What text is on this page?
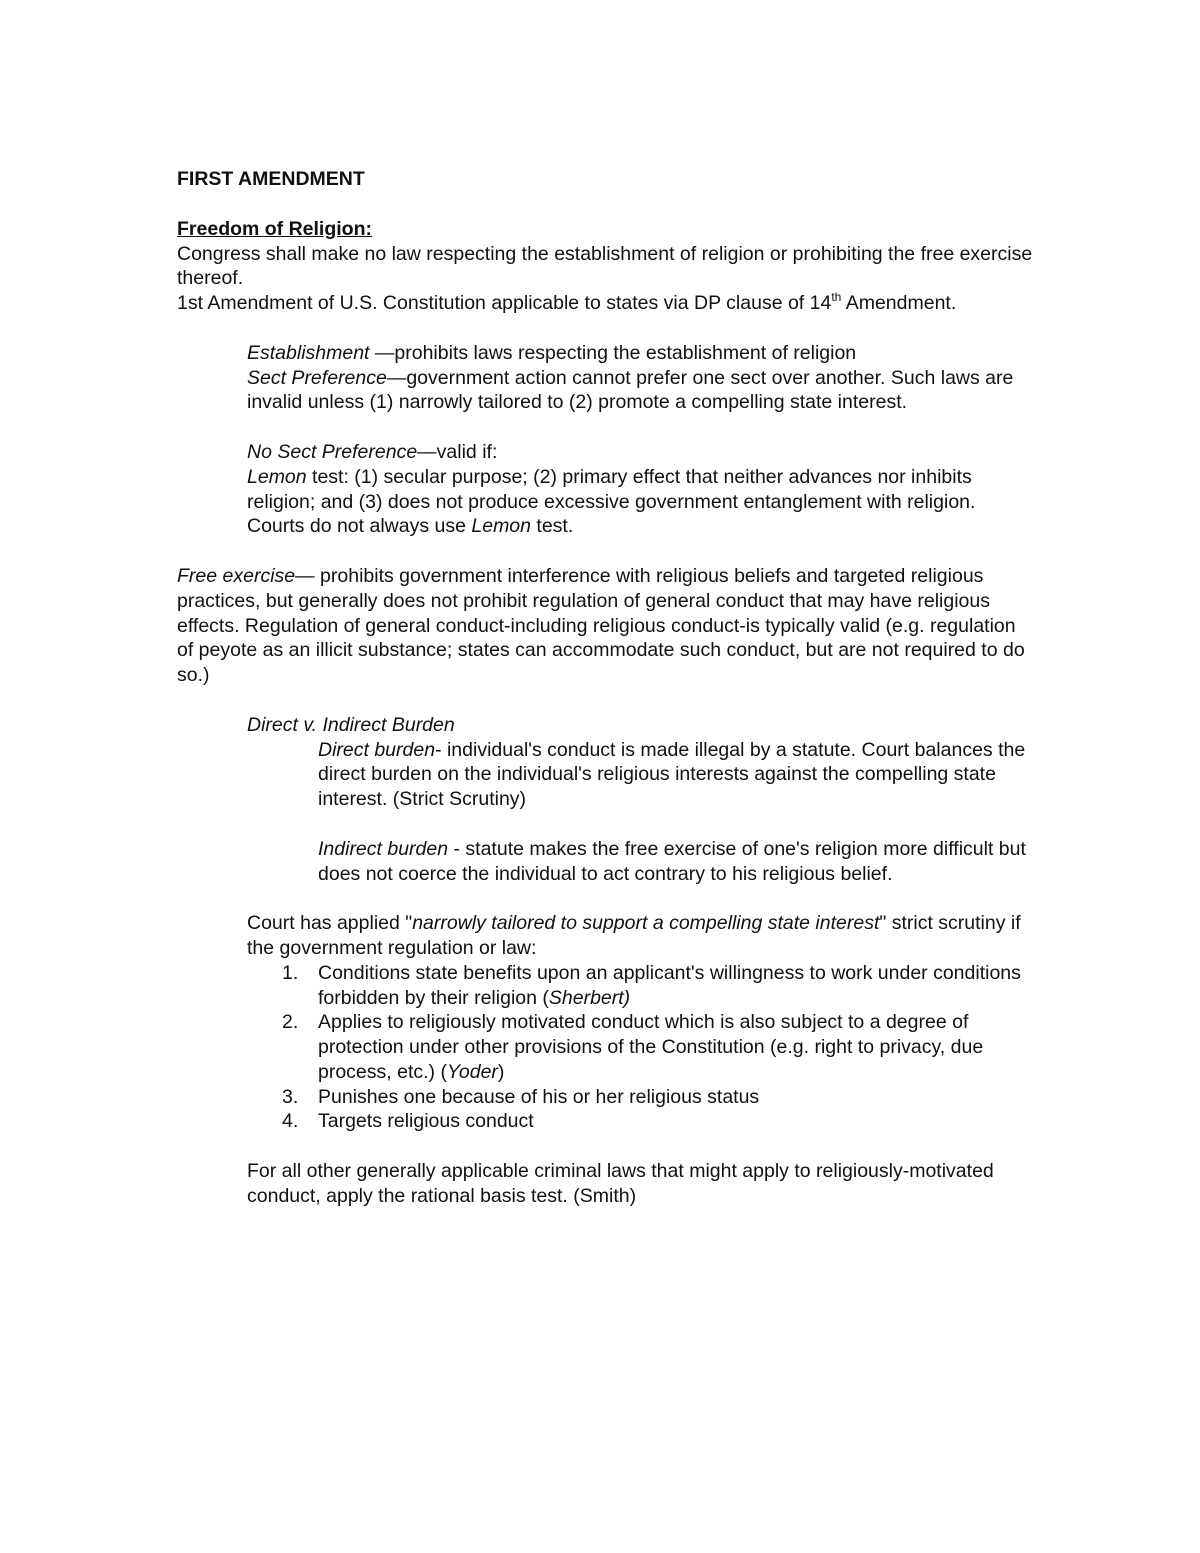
FIRST AMENDMENT

Freedom of Religion:

Congress shall make no law respecting the establishment of religion or prohibiting the free exercise thereof.

1st Amendment of U.S. Constitution applicable to states via DP clause of 14th Amendment.

Establishment —prohibits laws respecting the establishment of religion

Sect Preference—government action cannot prefer one sect over another. Such laws are invalid unless (1) narrowly tailored to (2) promote a compelling state interest.

No Sect Preference—valid if:

Lemon test: (1) secular purpose; (2) primary effect that neither advances nor inhibits religion; and (3) does not produce excessive government entanglement with religion.

Courts do not always use Lemon test.

Free exercise— prohibits government interference with religious beliefs and targeted religious practices, but generally does not prohibit regulation of general conduct that may have religious effects. Regulation of general conduct-including religious conduct-is typically valid (e.g. regulation of peyote as an illicit substance; states can accommodate such conduct, but are not required to do so.)

Direct v. Indirect Burden

Direct burden- individual's conduct is made illegal by a statute. Court balances the direct burden on the individual's religious interests against the compelling state interest. (Strict Scrutiny)

Indirect burden - statute makes the free exercise of one's religion more difficult but does not coerce the individual to act contrary to his religious belief.

Court has applied "narrowly tailored to support a compelling state interest" strict scrutiny if the government regulation or law:

1. Conditions state benefits upon an applicant's willingness to work under conditions forbidden by their religion (Sherbert)
2. Applies to religiously motivated conduct which is also subject to a degree of protection under other provisions of the Constitution (e.g. right to privacy, due process, etc.) (Yoder)
3. Punishes one because of his or her religious status
4. Targets religious conduct

For all other generally applicable criminal laws that might apply to religiously-motivated conduct, apply the rational basis test. (Smith)
